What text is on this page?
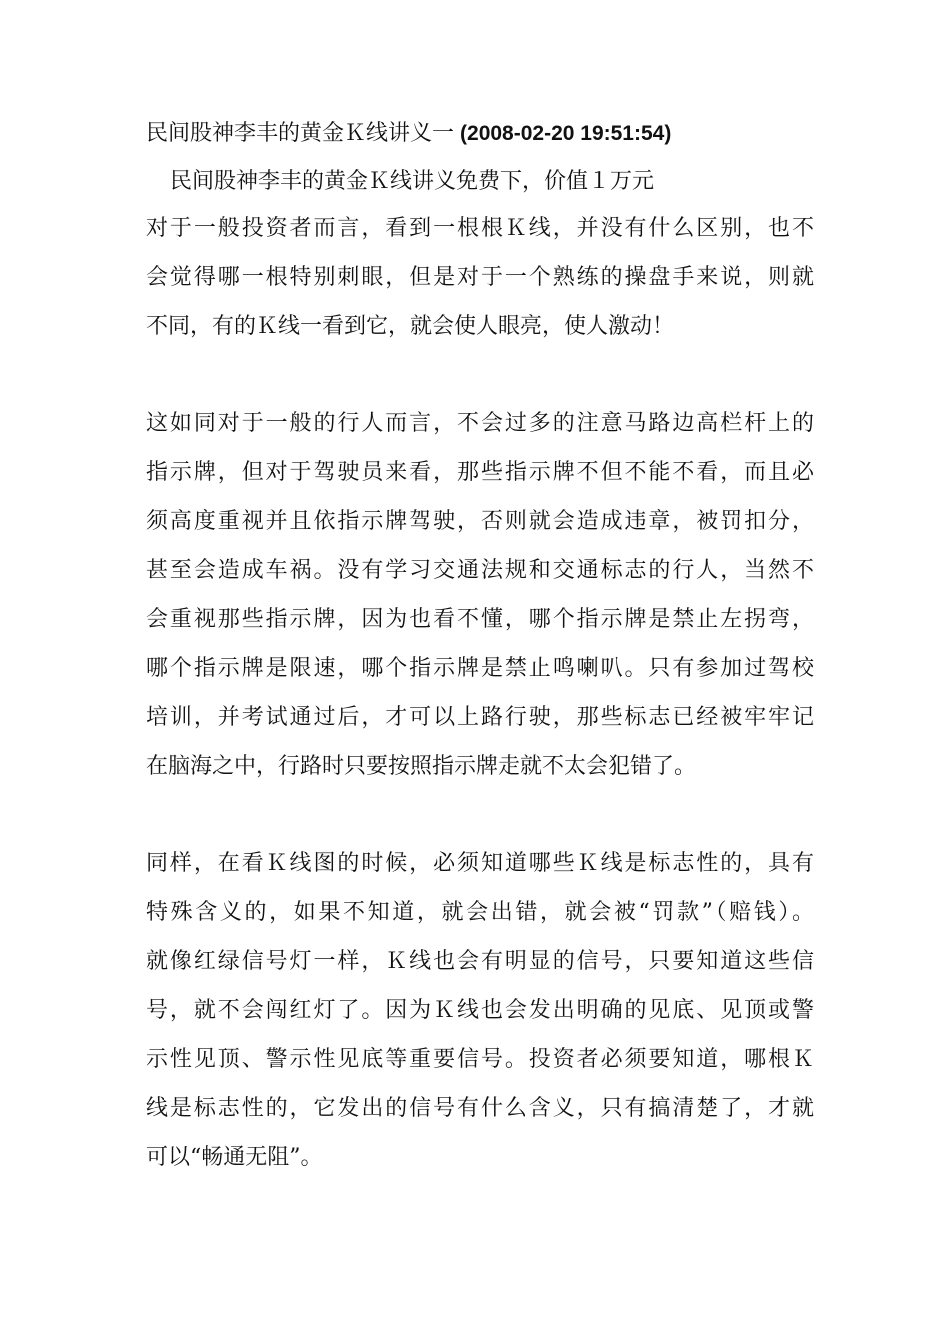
民间股神李丰的黄金Ｋ线讲义一 (2008-02-20 19:51:54)
民间股神李丰的黄金Ｋ线讲义免费下，价值１万元
对于一般投资者而言，看到一根根Ｋ线，并没有什么区别，也不
会觉得哪一根特别刺眼，但是对于一个熟练的操盘手来说，则就
不同，有的Ｋ线一看到它，就会使人眼亮，使人激动！
这如同对于一般的行人而言，不会过多的注意马路边高栏杆上的
指示牌，但对于驾驶员来看，那些指示牌不但不能不看，而且必
须高度重视并且依指示牌驾驶，否则就会造成违章，被罚扣分，
甚至会造成车祸。没有学习交通法规和交通标志的行人，当然不
会重视那些指示牌，因为也看不懂，哪个指示牌是禁止左拐弯，
哪个指示牌是限速，哪个指示牌是禁止鸣喇叭。只有参加过驾校
培训，并考试通过后，才可以上路行驶，那些标志已经被牢牢记
在脑海之中，行路时只要按照指示牌走就不太会犯错了。
同样，在看Ｋ线图的时候，必须知道哪些Ｋ线是标志性的，具有
特殊含义的，如果不知道，就会出错，就会被“罚款”（赔钱）。
就像红绿信号灯一样，Ｋ线也会有明显的信号，只要知道这些信
号，就不会闯红灯了。因为Ｋ线也会发出明确的见底、见顶或警
示性见顶、警示性见底等重要信号。投资者必须要知道，哪根Ｋ
线是标志性的，它发出的信号有什么含义，只有搞清楚了，才就
可以“畅通无阻”。
